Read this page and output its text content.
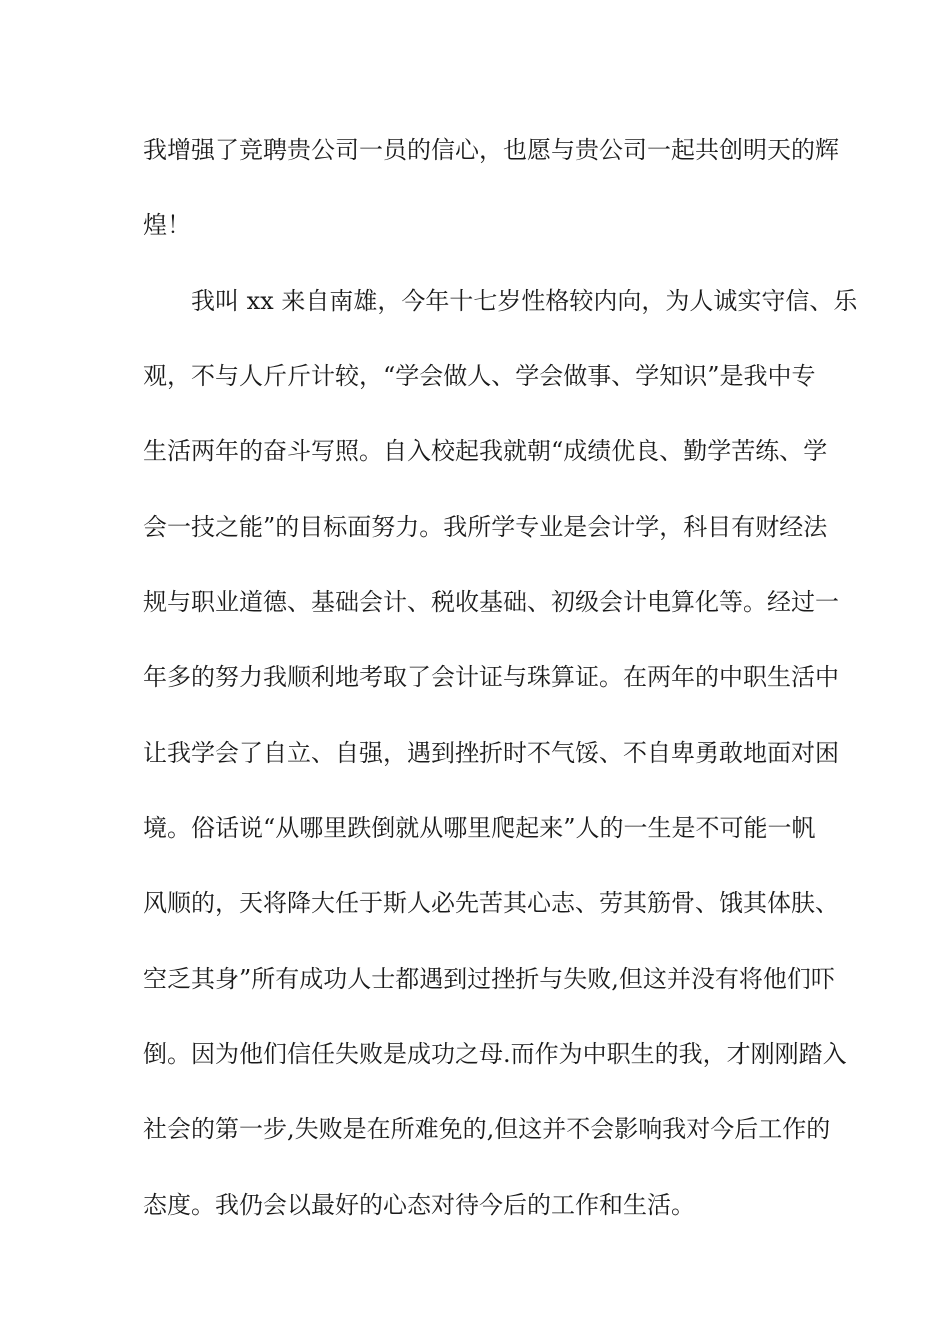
我增强了竞聘贵公司一员的信心，也愿与贵公司一起共创明天的辉
煌！
我叫 xx 来自南雄，今年十七岁性格较内向，为人诚实守信、乐
观，不与人斤斤计较，“学会做人、学会做事、学知识”是我中专
生活两年的奋斗写照。自入校起我就朝“成绩优良、勤学苦练、学
会一技之能”的目标面努力。我所学专业是会计学，科目有财经法
规与职业道德、基础会计、税收基础、初级会计电算化等。经过一
年多的努力我顺利地考取了会计证与珠算证。在两年的中职生活中
让我学会了自立、自强，遇到挫折时不气馁、不自卑勇敢地面对困
境。俗话说“从哪里跌倒就从哪里爬起来”人的一生是不可能一帆
风顺的，天将降大任于斯人必先苦其心志、劳其筋骨、饿其体肤、
空乏其身”所有成功人士都遇到过挫折与失败,但这并没有将他们吓
倒。因为他们信任失败是成功之母.而作为中职生的我，才刚刚踏入
社会的第一步,失败是在所难免的,但这并不会影响我对今后工作的
态度。我仍会以最好的心态对待今后的工作和生活。
